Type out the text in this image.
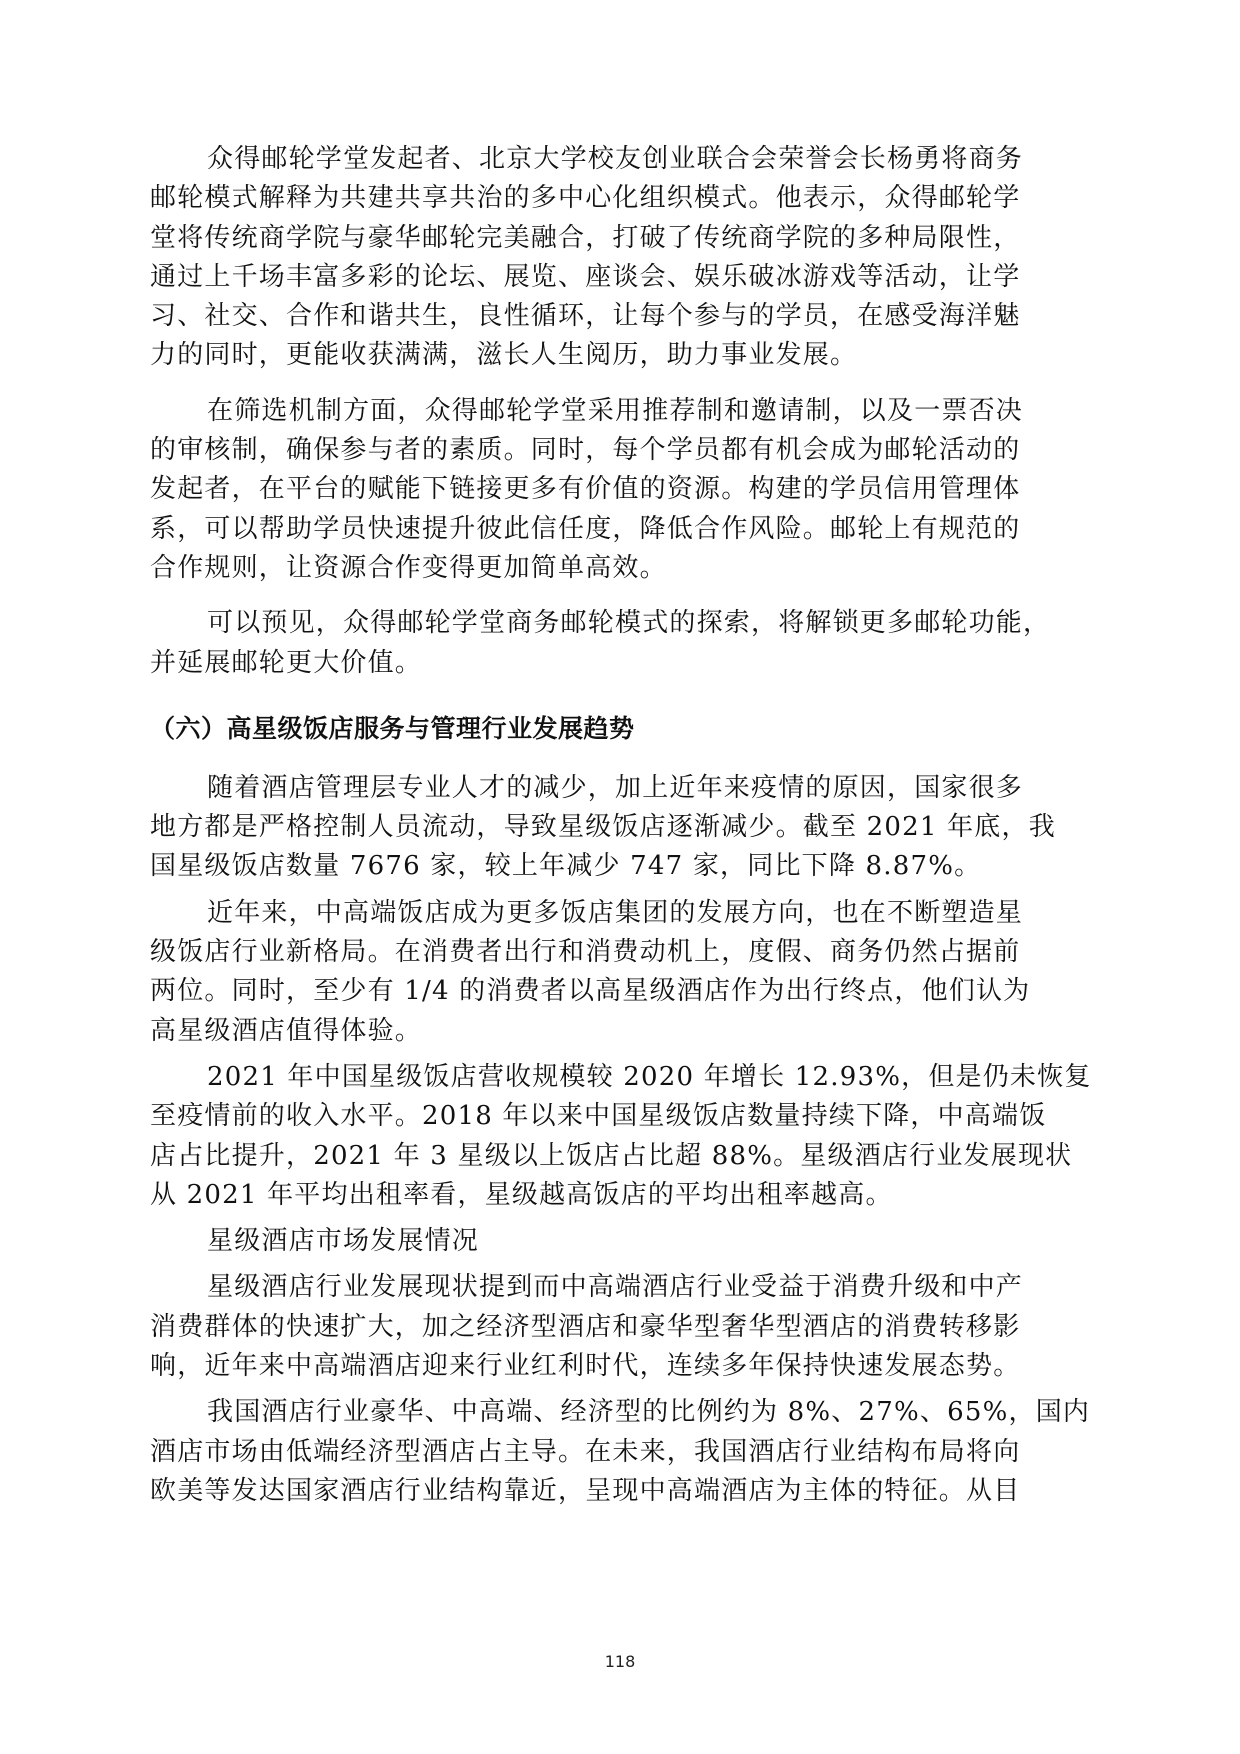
众得邮轮学堂发起者、北京大学校友创业联合会荣誉会长杨勇将商务
邮轮模式解释为共建共享共治的多中心化组织模式。他表示，众得邮轮学
堂将传统商学院与豪华邮轮完美融合，打破了传统商学院的多种局限性，
通过上千场丰富多彩的论坛、展览、座谈会、娱乐破冰游戏等活动，让学
习、社交、合作和谐共生，良性循环，让每个参与的学员，在感受海洋魅
力的同时，更能收获满满，滋长人生阅历，助力事业发展。

在筛选机制方面，众得邮轮学堂采用推荐制和邀请制，以及一票否决
的审核制，确保参与者的素质。同时，每个学员都有机会成为邮轮活动的
发起者，在平台的赋能下链接更多有价值的资源。构建的学员信用管理体
系，可以帮助学员快速提升彼此信任度，降低合作风险。邮轮上有规范的
合作规则，让资源合作变得更加简单高效。

可以预见，众得邮轮学堂商务邮轮模式的探索，将解锁更多邮轮功能，
并延展邮轮更大价值。

（六）高星级饭店服务与管理行业发展趋势

随着酒店管理层专业人才的减少，加上近年来疫情的原因，国家很多
地方都是严格控制人员流动，导致星级饭店逐渐减少。截至 2021 年底，我
国星级饭店数量 7676 家，较上年减少 747 家，同比下降 8.87%。

近年来，中高端饭店成为更多饭店集团的发展方向，也在不断塑造星
级饭店行业新格局。在消费者出行和消费动机上，度假、商务仍然占据前
两位。同时，至少有 1/4 的消费者以高星级酒店作为出行终点，他们认为
高星级酒店值得体验。

2021 年中国星级饭店营收规模较 2020 年增长 12.93%，但是仍未恢复
至疫情前的收入水平。2018 年以来中国星级饭店数量持续下降，中高端饭
店占比提升，2021 年 3 星级以上饭店占比超 88%。星级酒店行业发展现状
从 2021 年平均出租率看，星级越高饭店的平均出租率越高。

星级酒店市场发展情况

星级酒店行业发展现状提到而中高端酒店行业受益于消费升级和中产
消费群体的快速扩大，加之经济型酒店和豪华型奢华型酒店的消费转移影
响，近年来中高端酒店迎来行业红利时代，连续多年保持快速发展态势。

我国酒店行业豪华、中高端、经济型的比例约为 8%、27%、65%，国内
酒店市场由低端经济型酒店占主导。在未来，我国酒店行业结构布局将向
欧美等发达国家酒店行业结构靠近，呈现中高端酒店为主体的特征。从目

118
